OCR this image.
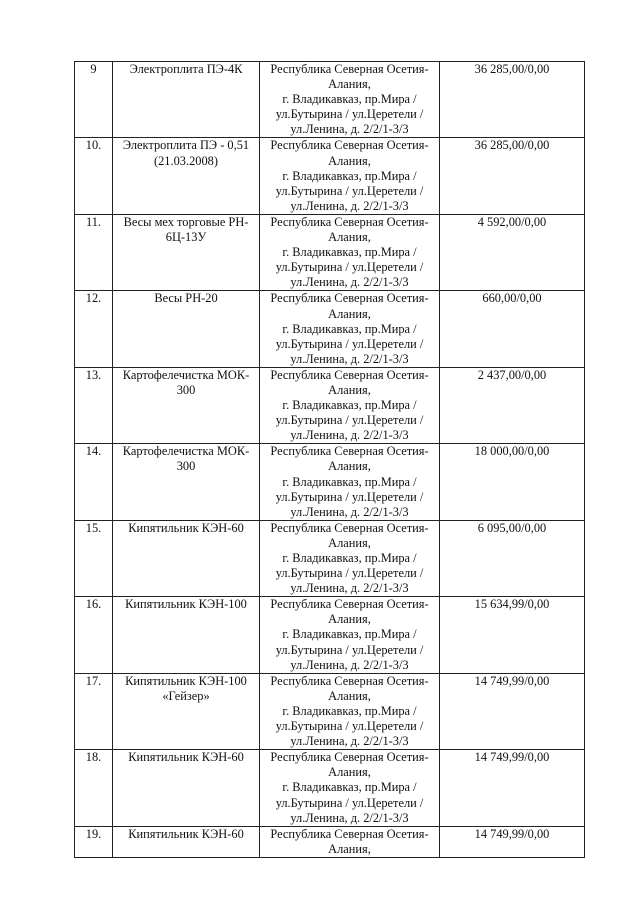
9	Электроплита ПЭ-4К	Республика Северная Осетия-
Алания,
г. Владикавказ, пр.Мира /
ул.Бутырина / ул.Церетели /
ул.Ленина, д. 2/2/1-3/3	36 285,00/0,00
10.	Электроплита ПЭ - 0,51
(21.03.2008)	Республика Северная Осетия-
Алания,
г. Владикавказ, пр.Мира /
ул.Бутырина / ул.Церетели /
ул.Ленина, д. 2/2/1-3/3	36 285,00/0,00
11.	Весы мех торговые РН-
6Ц-13У	Республика Северная Осетия-
Алания,
г. Владикавказ, пр.Мира /
ул.Бутырина / ул.Церетели /
ул.Ленина, д. 2/2/1-3/3	4 592,00/0,00
12.	Весы РН-20	Республика Северная Осетия-
Алания,
г. Владикавказ, пр.Мира /
ул.Бутырина / ул.Церетели /
ул.Ленина, д. 2/2/1-3/3	660,00/0,00
13.	Картофелечистка МОК-
300	Республика Северная Осетия-
Алания,
г. Владикавказ, пр.Мира /
ул.Бутырина / ул.Церетели /
ул.Ленина, д. 2/2/1-3/3	2 437,00/0,00
14.	Картофелечистка МОК-
300	Республика Северная Осетия-
Алания,
г. Владикавказ, пр.Мира /
ул.Бутырина / ул.Церетели /
ул.Ленина, д. 2/2/1-3/3	18 000,00/0,00
15.	Кипятильник КЭН-60	Республика Северная Осетия-
Алания,
г. Владикавказ, пр.Мира /
ул.Бутырина / ул.Церетели /
ул.Ленина, д. 2/2/1-3/3	6 095,00/0,00
16.	Кипятильник КЭН-100	Республика Северная Осетия-
Алания,
г. Владикавказ, пр.Мира /
ул.Бутырина / ул.Церетели /
ул.Ленина, д. 2/2/1-3/3	15 634,99/0,00
17.	Кипятильник КЭН-100
«Гейзер»	Республика Северная Осетия-
Алания,
г. Владикавказ, пр.Мира /
ул.Бутырина / ул.Церетели /
ул.Ленина, д. 2/2/1-3/3	14 749,99/0,00
18.	Кипятильник КЭН-60	Республика Северная Осетия-
Алания,
г. Владикавказ, пр.Мира /
ул.Бутырина / ул.Церетели /
ул.Ленина, д. 2/2/1-3/3	14 749,99/0,00
19.	Кипятильник КЭН-60	Республика Северная Осетия-
Алания,	14 749,99/0,00
